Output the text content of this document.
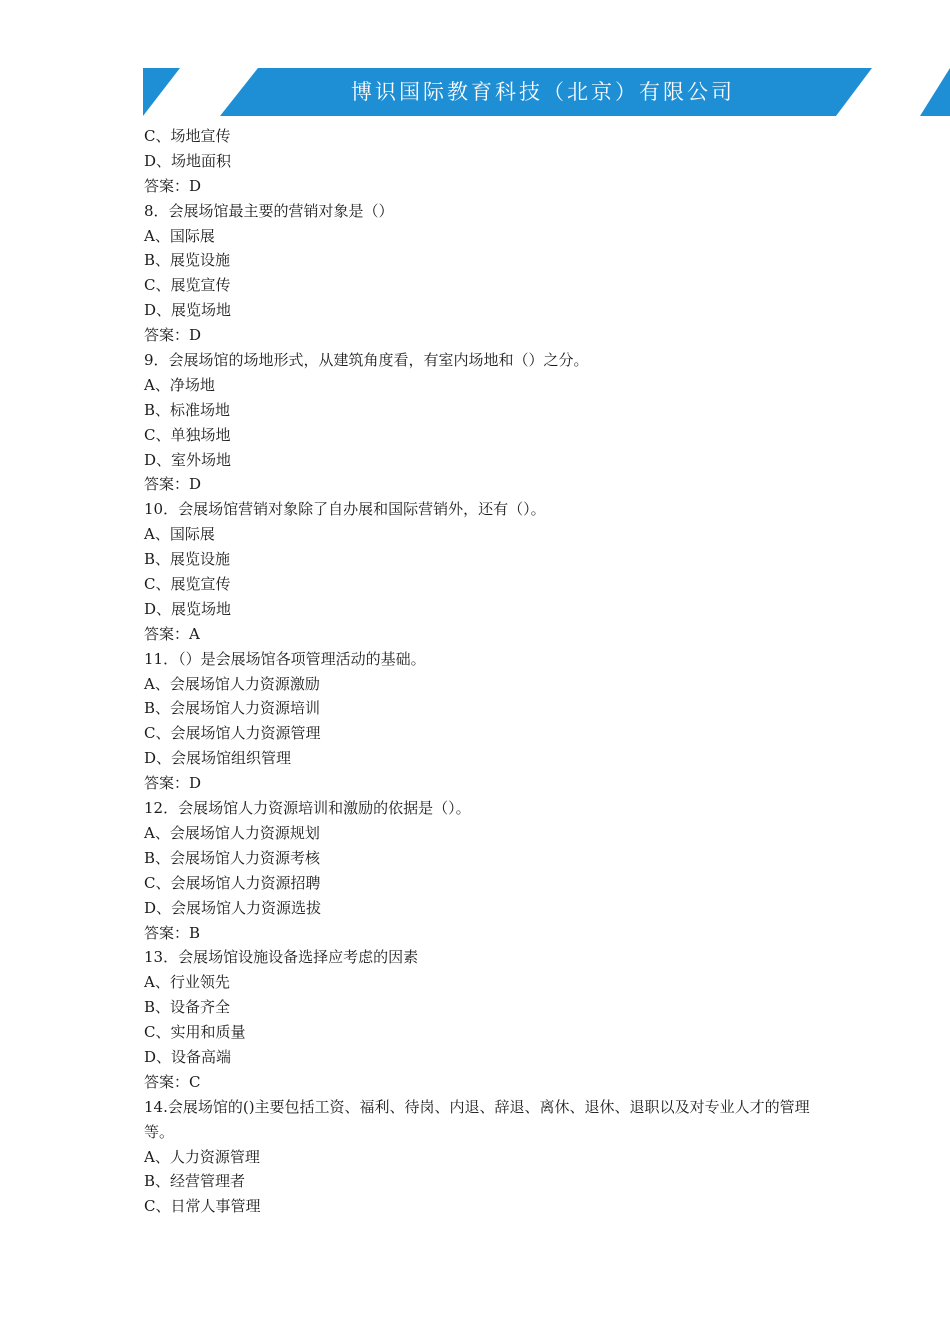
博识国际教育科技（北京）有限公司
C、场地宣传
D、场地面积
答案：D
8．会展场馆最主要的营销对象是（）
A、国际展
B、展览设施
C、展览宣传
D、展览场地
答案：D
9．会展场馆的场地形式，从建筑角度看，有室内场地和（）之分。
A、净场地
B、标准场地
C、单独场地
D、室外场地
答案：D
10．会展场馆营销对象除了自办展和国际营销外，还有（）。
A、国际展
B、展览设施
C、展览宣传
D、展览场地
答案：A
11．（）是会展场馆各项管理活动的基础。
A、会展场馆人力资源激励
B、会展场馆人力资源培训
C、会展场馆人力资源管理
D、会展场馆组织管理
答案：D
12．会展场馆人力资源培训和激励的依据是（）。
A、会展场馆人力资源规划
B、会展场馆人力资源考核
C、会展场馆人力资源招聘
D、会展场馆人力资源选拔
答案：B
13．会展场馆设施设备选择应考虑的因素
A、行业领先
B、设备齐全
C、实用和质量
D、设备高端
答案：C
14.会展场馆的()主要包括工资、福利、待岗、内退、辞退、离休、退休、退职以及对专业人才的管理等。
A、人力资源管理
B、经营管理者
C、日常人事管理
